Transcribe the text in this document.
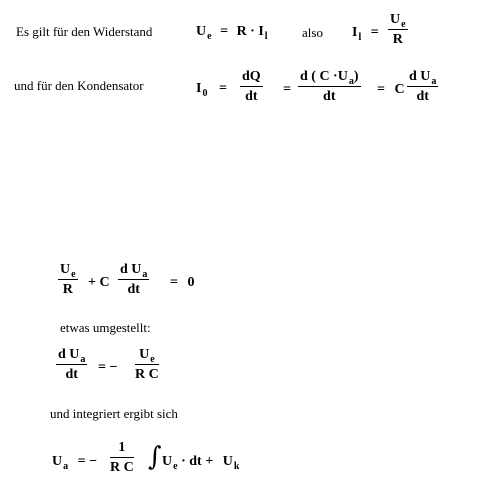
Es gilt für den Widerstand	$U_e = R \cdot I_l$	also $I_l = \frac{U_e}{R}$
und für den Kondensator	$I_0 = \frac{dQ}{dt} = \frac{d ( C \cdot U_a)}{dt} = C \frac{d U_a}{dt}$
$\frac{U_e}{R} + C \frac{d U_a}{dt} = 0$
etwas umgestellt:
$\frac{d U_a}{dt}$ = − $\frac{U_e}{\text{R C}}$
und integriert ergibt sich
$U_a$ = − $\frac{1}{\text{R C}}$ ∫ $U_e$ · dt + $U_k$
